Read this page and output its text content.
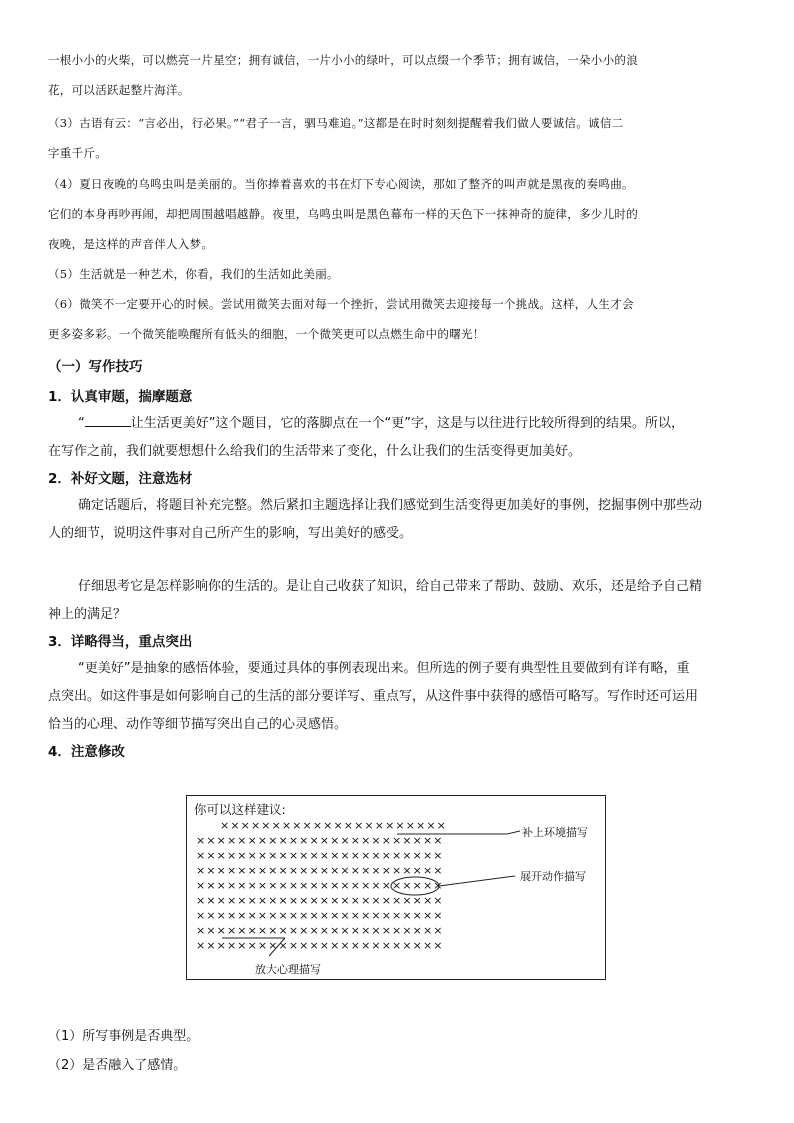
一根小小的火柴，可以燃亮一片星空；拥有诚信，一片小小的绿叶，可以点缀一个季节；拥有诚信，一朵小小的浪

花，可以活跃起整片海洋。

（3）古语有云：“言必出，行必果。”“君子一言，驷马难追。”这都是在时时刻刻提醒着我们做人要诚信。诚信二

字重千斤。

（4）夏日夜晚的乌鸣虫叫是美丽的。当你捧着喜欢的书在灯下专心阅读，那如了整齐的叫声就是黑夜的奏鸣曲。

它们的本身再吵再闹，却把周围越唱越静。夜里，乌鸣虫叫是黑色幕布一样的天色下一抹神奇的旋律，多少儿时的

夜晚，是这样的声音伴人入梦。

（5）生活就是一种艺术，你看，我们的生活如此美丽。

（6）微笑不一定要开心的时候。尝试用微笑去面对每一个挫折，尝试用微笑去迎接每一个挑战。这样，人生才会

更多姿多彩。一个微笑能唤醒所有低头的细胞，一个微笑更可以点燃生命中的曙光！

（一）写作技巧

1．认真审题，揣摩题意

“	让生活更美好”这个题目，它的落脚点在一个“更”字，这是与以往进行比较所得到的结果。所以，

在写作之前，我们就要想想什么给我们的生活带来了变化，什么让我们的生活变得更加美好。

2．补好文题，注意选材

确定话题后，将题目补充完整。然后紧扣主题选择让我们感觉到生活变得更加美好的事例，挖掘事例中那些动

人的细节，说明这件事对自己所产生的影响，写出美好的感受。

仔细思考它是怎样影响你的生活的。是让自己收获了知识，给自己带来了帮助、鼓励、欢乐，还是给予自己精

神上的满足？

3．详略得当，重点突出

“更美好”是抽象的感悟体验，要通过具体的事例表现出来。但所选的例子要有典型性且要做到有详有略，重

点突出。如这件事是如何影响自己的生活的部分要详写、重点写，从这件事中获得的感悟可略写。写作时还可运用

恰当的心理、动作等细节描写突出自己的心灵感悟。

4．注意修改

你可以这样建议:
××××××××××××××××××××××
××××××××××××××××××××××××
××××××××××××××××××××××××
××××××××××××××××××××××××
××××××××××××××××××××××××
××××××××××××××××××××××××
××××××××××××××××××××××××
××××××××××××××××××××××××
××××××××××××××××××××××××
补上环境描写
展开动作描写
放大心理描写

（1）所写事例是否典型。

（2）是否融入了感情。
